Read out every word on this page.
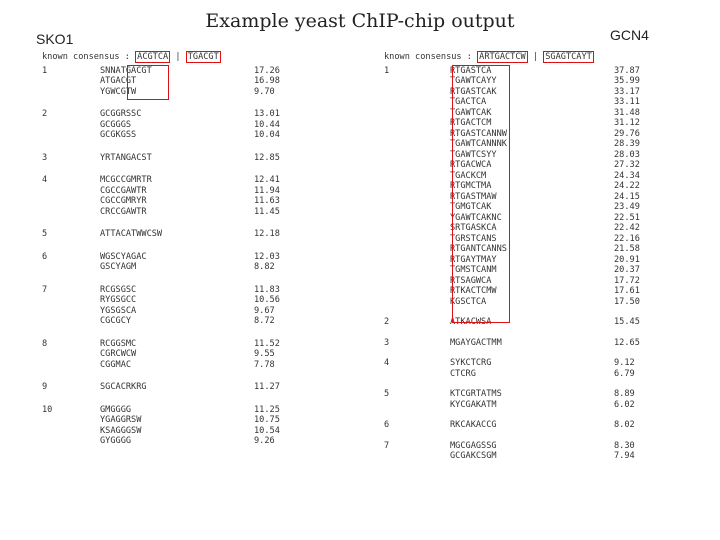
Example yeast ChIP-chip output
SKO1	GCN4
known consensus : ACGTCA | TGACGT
1	SNNATGACGT	17.26
ATGACGT	16.98
YGWCGTW	9.70
2	GCGGRSSC	13.01
GCGGGS	10.44
GCGKGSS	10.04
3	YRTANGACST	12.85
4	MCGCCGMRTR	12.41
CGCCGAWTR	11.94
CGCCGMRYR	11.63
CRCCGAWTR	11.45
5	ATTACATWWCSW	12.18
6	WGSCYAGAC	12.03
GSCYAGM	8.82
7	RCGSGSC	11.83
RYGSGCC	10.56
YGSGSCA	9.67
CGCGCY	8.72
8	RCGGSMC	11.52
CGRCWCW	9.55
CGGMAC	7.78
9	SGCACRKRG	11.27
10	GMGGGG	11.25
YGAGGRSW	10.75
KSAGGGSW	10.54
GYGGGG	9.26
known consensus : ARTGACTCW | SGAGTCAYT
1	RTGASTCA	37.87
TGAWTCAYY	35.99
RTGASTCAK	33.17
TGACTCA	33.11
TGAWTCAK	31.48
RTGACTCM	31.12
RTGASTCANNW	29.76
TGAWTCANNNK	28.39
TGAWTCSYY	28.03
RTGACWCA	27.32
TGACKCM	24.34
RTGMCTMA	24.22
RTGASTMAW	24.15
TGMGTCAK	23.49
YGAWTCAKNC	22.51
SRTGASKCA	22.42
TGRSTCANS	22.16
RTGANTCANNS	21.58
RTGAYTMAY	20.91
TGMSTCANM	20.37
RTSAGWCA	17.72
RTKACTCMW	17.61
KGSCTCA	17.50
2	ATKACWSA	15.45
3	MGAYGACTMM	12.65
4	SYKCTCRG	9.12
CTCRG	6.79
5	KTCGRTATMS	8.89
KYCGAKATM	6.02
6	RKCAKACCG	8.02
7	MGCGAGSSG	8.30
GCGAKCSGM	7.94
